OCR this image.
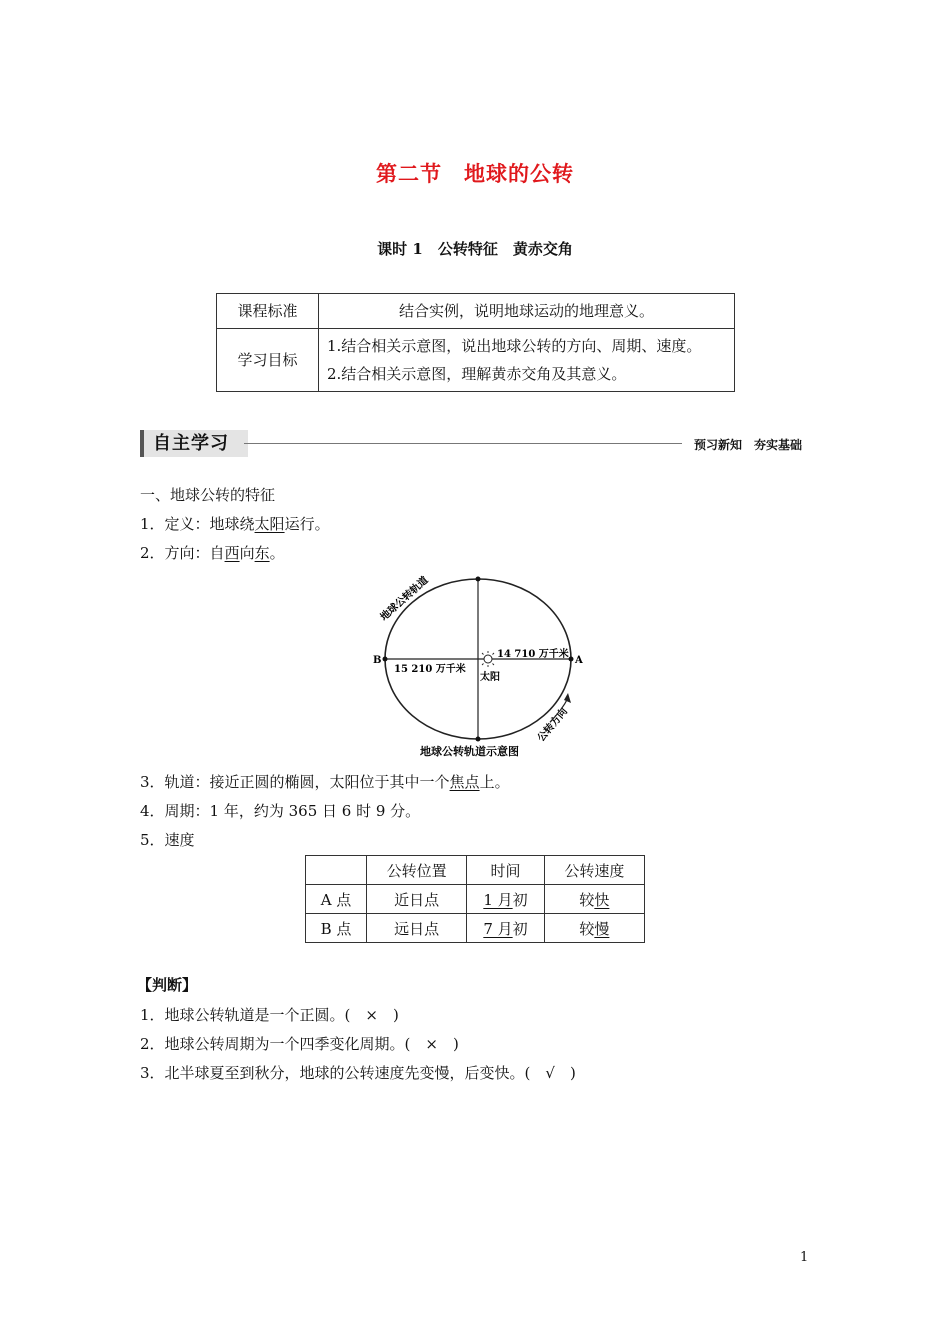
第二节　地球的公转
课时 1　公转特征　黄赤交角
课程标准	结合实例，说明地球运动的地理意义。
学习目标	1.结合相关示意图，说出地球公转的方向、周期、速度。
2.结合相关示意图，理解黄赤交角及其意义。
自主学习	预习新知　夯实基础
一、地球公转的特征
1．定义：地球绕太阳运行。
2．方向：自西向东。
太阳
14 710 万千米
15 210 万千米
B	A
地球公转轨道
公转方向
地球公转轨道示意图
3．轨道：接近正圆的椭圆，太阳位于其中一个焦点上。
4．周期：1 年，约为 365 日 6 时 9 分。
5．速度
	公转位置	时间	公转速度
A 点	近日点	1 月初	较快
B 点	远日点	7 月初	较慢
【判断】
1．地球公转轨道是一个正圆。(　×　)
2．地球公转周期为一个四季变化周期。(　×　)
3．北半球夏至到秋分，地球的公转速度先变慢，后变快。(　√　)
1
